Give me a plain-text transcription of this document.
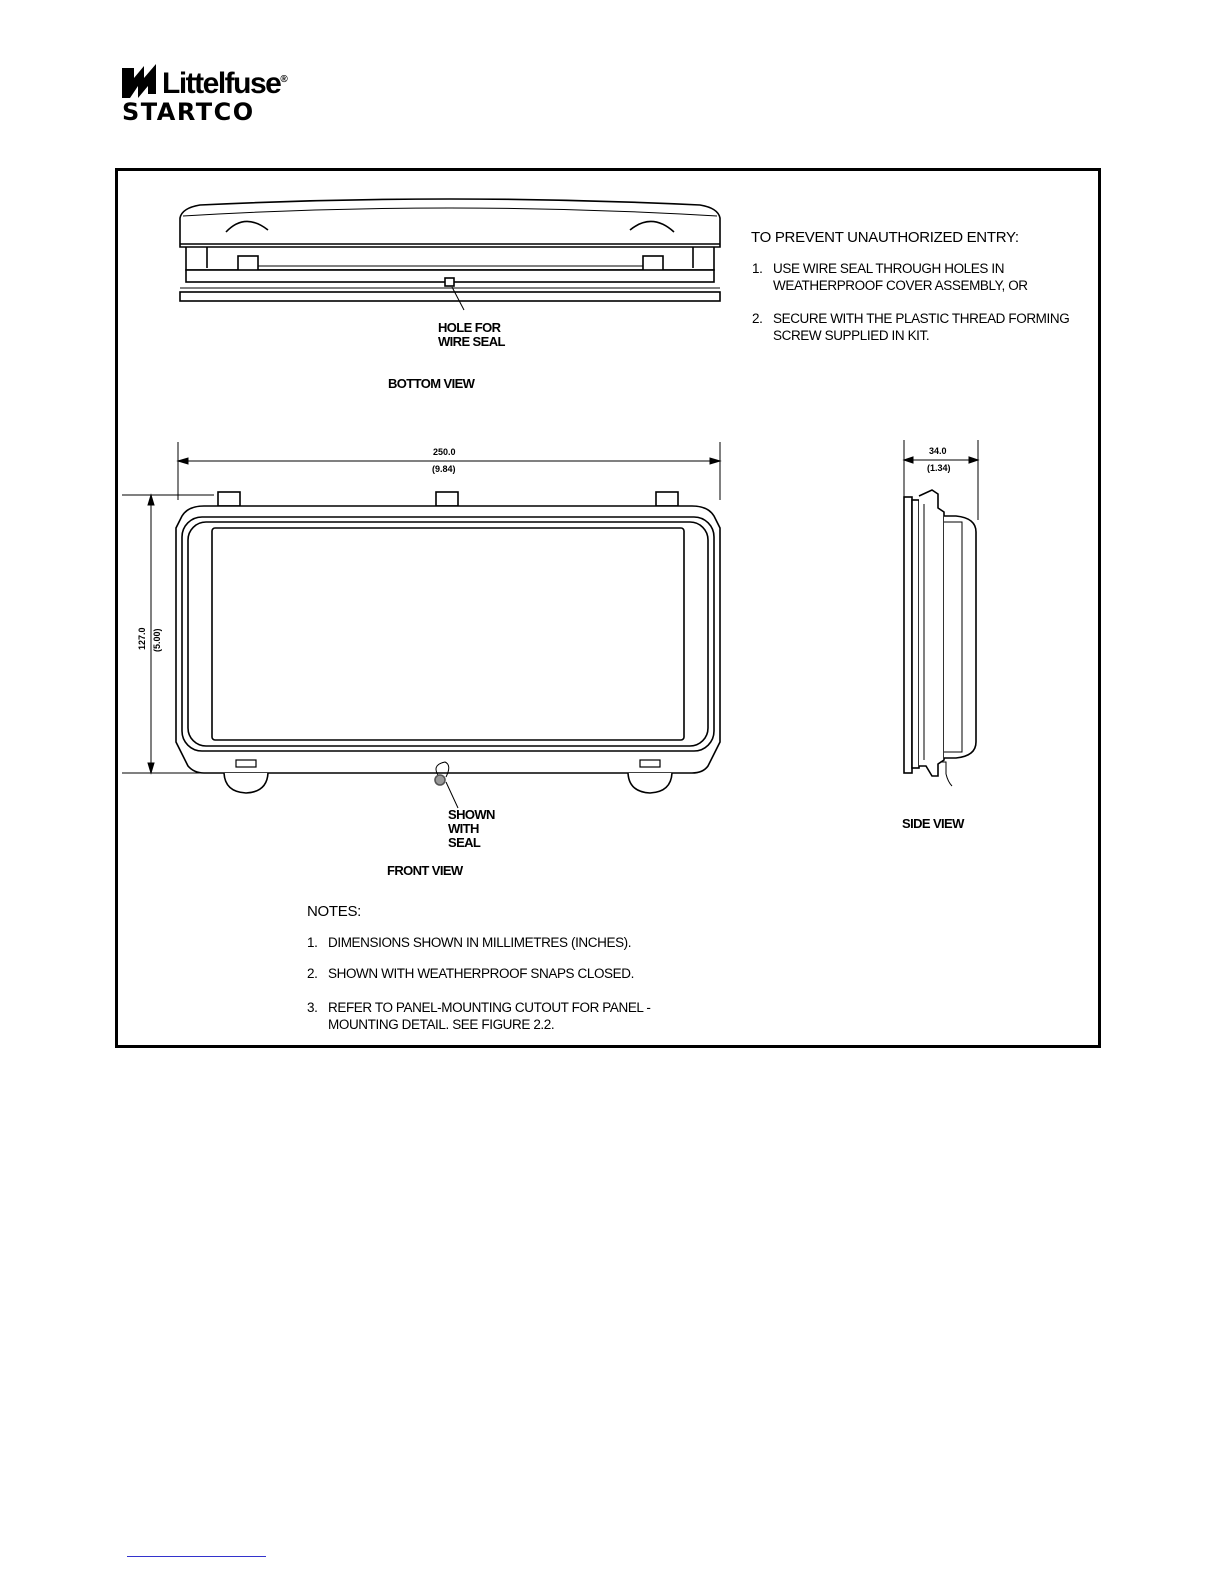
Littelfuse®
STARTCO
HOLE FOR
WIRE SEAL
BOTTOM VIEW
250.0
(9.84)
127.0 (5.00)
SHOWN
WITH
SEAL
FRONT VIEW
34.0
(1.34)
SIDE VIEW
TO PREVENT UNAUTHORIZED ENTRY:
1. USE WIRE SEAL THROUGH HOLES IN
WEATHERPROOF COVER ASSEMBLY, OR
2. SECURE WITH THE PLASTIC THREAD FORMING
SCREW SUPPLIED IN KIT.
NOTES:
1. DIMENSIONS SHOWN IN MILLIMETRES (INCHES).
2. SHOWN WITH WEATHERPROOF SNAPS CLOSED.
3. REFER TO PANEL-MOUNTING CUTOUT FOR PANEL -
MOUNTING DETAIL. SEE FIGURE 2.2.
